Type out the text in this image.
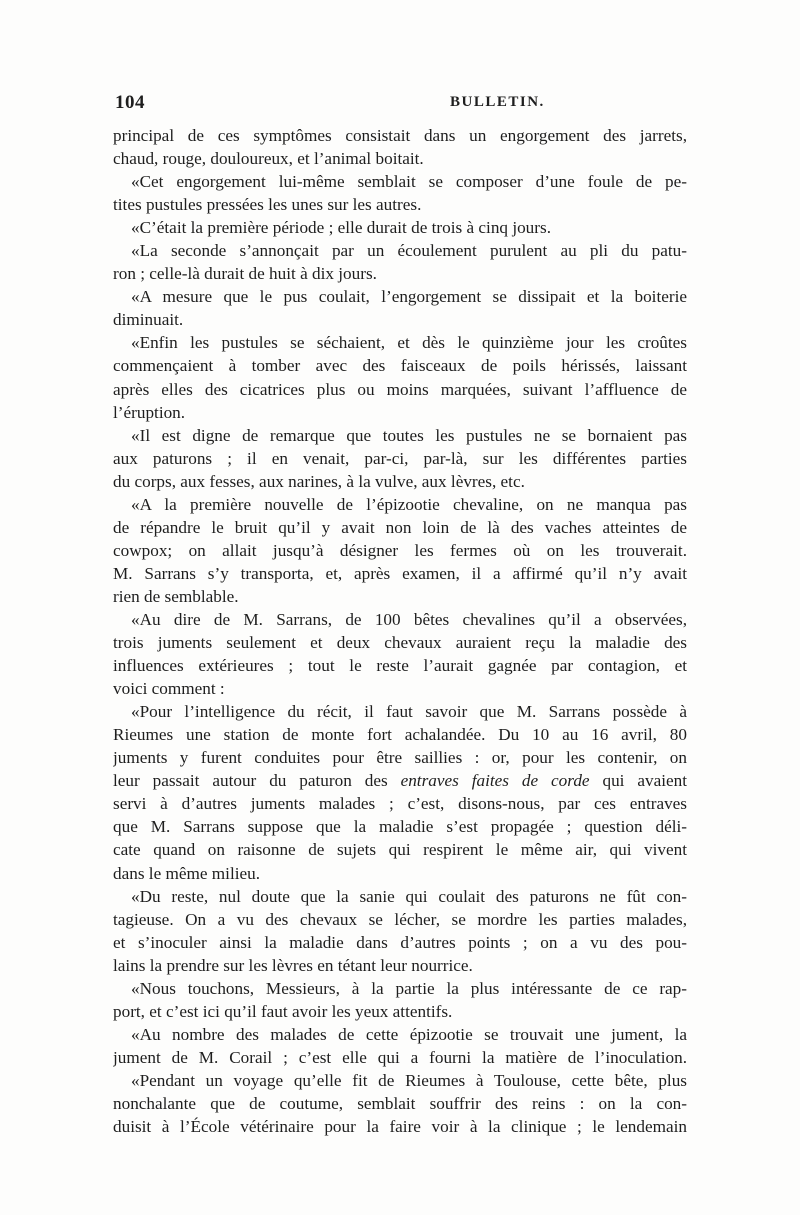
104	BULLETIN.
principal de ces symptômes consistait dans un engorgement des jarrets,
chaud, rouge, douloureux, et l’animal boitait.
«Cet engorgement lui-même semblait se composer d’une foule de pe-
tites pustules pressées les unes sur les autres.
«C’était la première période ; elle durait de trois à cinq jours.
«La seconde s’annonçait par un écoulement purulent au pli du patu-
ron ; celle-là durait de huit à dix jours.
«A mesure que le pus coulait, l’engorgement se dissipait et la boiterie
diminuait.
«Enfin les pustules se séchaient, et dès le quinzième jour les croûtes
commençaient à tomber avec des faisceaux de poils hérissés, laissant
après elles des cicatrices plus ou moins marquées, suivant l’affluence de
l’éruption.
«Il est digne de remarque que toutes les pustules ne se bornaient pas
aux paturons ; il en venait, par-ci, par-là, sur les différentes parties
du corps, aux fesses, aux narines, à la vulve, aux lèvres, etc.
«A la première nouvelle de l’épizootie chevaline, on ne manqua pas
de répandre le bruit qu’il y avait non loin de là des vaches atteintes de
cowpox; on allait jusqu’à désigner les fermes où on les trouverait.
M. Sarrans s’y transporta, et, après examen, il a affirmé qu’il n’y avait
rien de semblable.
«Au dire de M. Sarrans, de 100 bêtes chevalines qu’il a observées,
trois juments seulement et deux chevaux auraient reçu la maladie des
influences extérieures ; tout le reste l’aurait gagnée par contagion, et
voici comment :
«Pour l’intelligence du récit, il faut savoir que M. Sarrans possède à
Rieumes une station de monte fort achalandée. Du 10 au 16 avril, 80
juments y furent conduites pour être saillies : or, pour les contenir, on
leur passait autour du paturon des entraves faites de corde qui avaient
servi à d’autres juments malades ; c’est, disons-nous, par ces entraves
que M. Sarrans suppose que la maladie s’est propagée ; question déli-
cate quand on raisonne de sujets qui respirent le même air, qui vivent
dans le même milieu.
«Du reste, nul doute que la sanie qui coulait des paturons ne fût con-
tagieuse. On a vu des chevaux se lécher, se mordre les parties malades,
et s’inoculer ainsi la maladie dans d’autres points ; on a vu des pou-
lains la prendre sur les lèvres en tétant leur nourrice.
«Nous touchons, Messieurs, à la partie la plus intéressante de ce rap-
port, et c’est ici qu’il faut avoir les yeux attentifs.
«Au nombre des malades de cette épizootie se trouvait une jument, la
jument de M. Corail ; c’est elle qui a fourni la matière de l’inoculation.
«Pendant un voyage qu’elle fit de Rieumes à Toulouse, cette bête, plus
nonchalante que de coutume, semblait souffrir des reins : on la con-
duisit à l’École vétérinaire pour la faire voir à la clinique ; le lendemain
